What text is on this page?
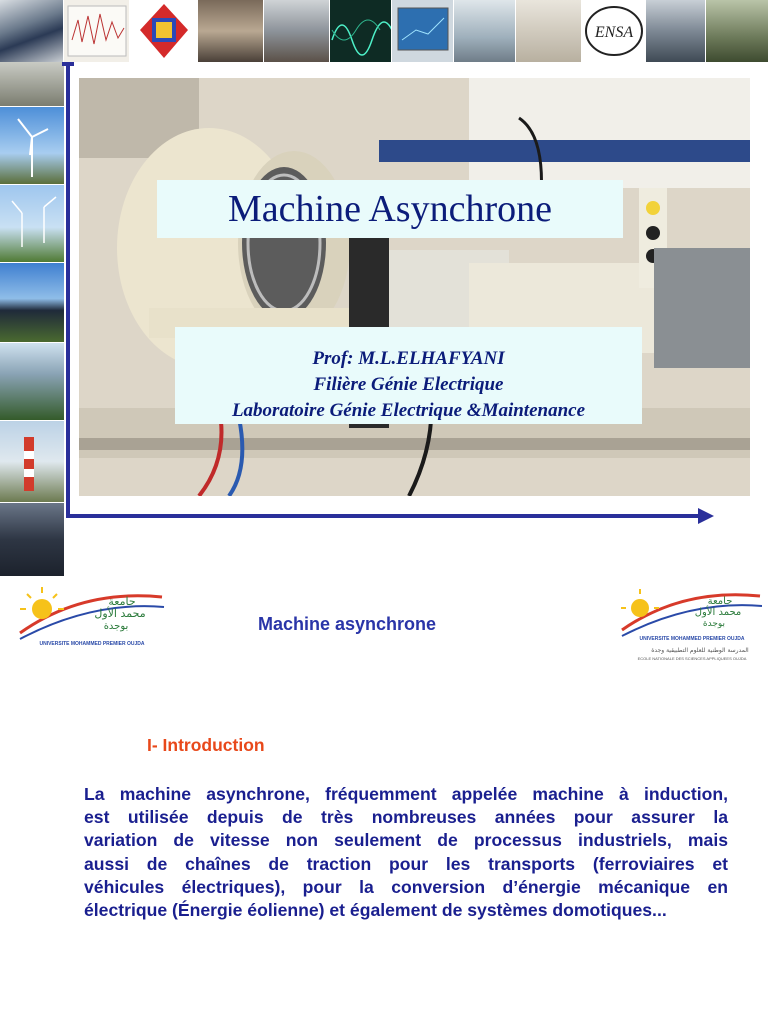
ENSA
Machine Asynchrone
Prof: M.L.ELHAFYANI
Filière Génie Electrique
Laboratoire Génie Electrique &Maintenance
جامعة
محمد الأول
بوجدة
UNIVERSITE MOHAMMED PREMIER OUJDA
Machine asynchrone
جامعة
محمد الأول
بوجدة
UNIVERSITE MOHAMMED PREMIER OUJDA
المدرسة الوطنية للعلوم التطبيقية وجدة
ECOLE NATIONALE DES SCIENCES APPLIQUEES OUJDA
I- Introduction
La machine asynchrone, fréquemment appelée machine à induction,
est utilisée depuis de très nombreuses années pour assurer la
variation de vitesse non seulement de processus industriels, mais
aussi de chaînes de traction pour les transports (ferroviaires et
véhicules électriques), pour la conversion d’énergie mécanique en
électrique (Énergie éolienne) et également de systèmes domotiques...
